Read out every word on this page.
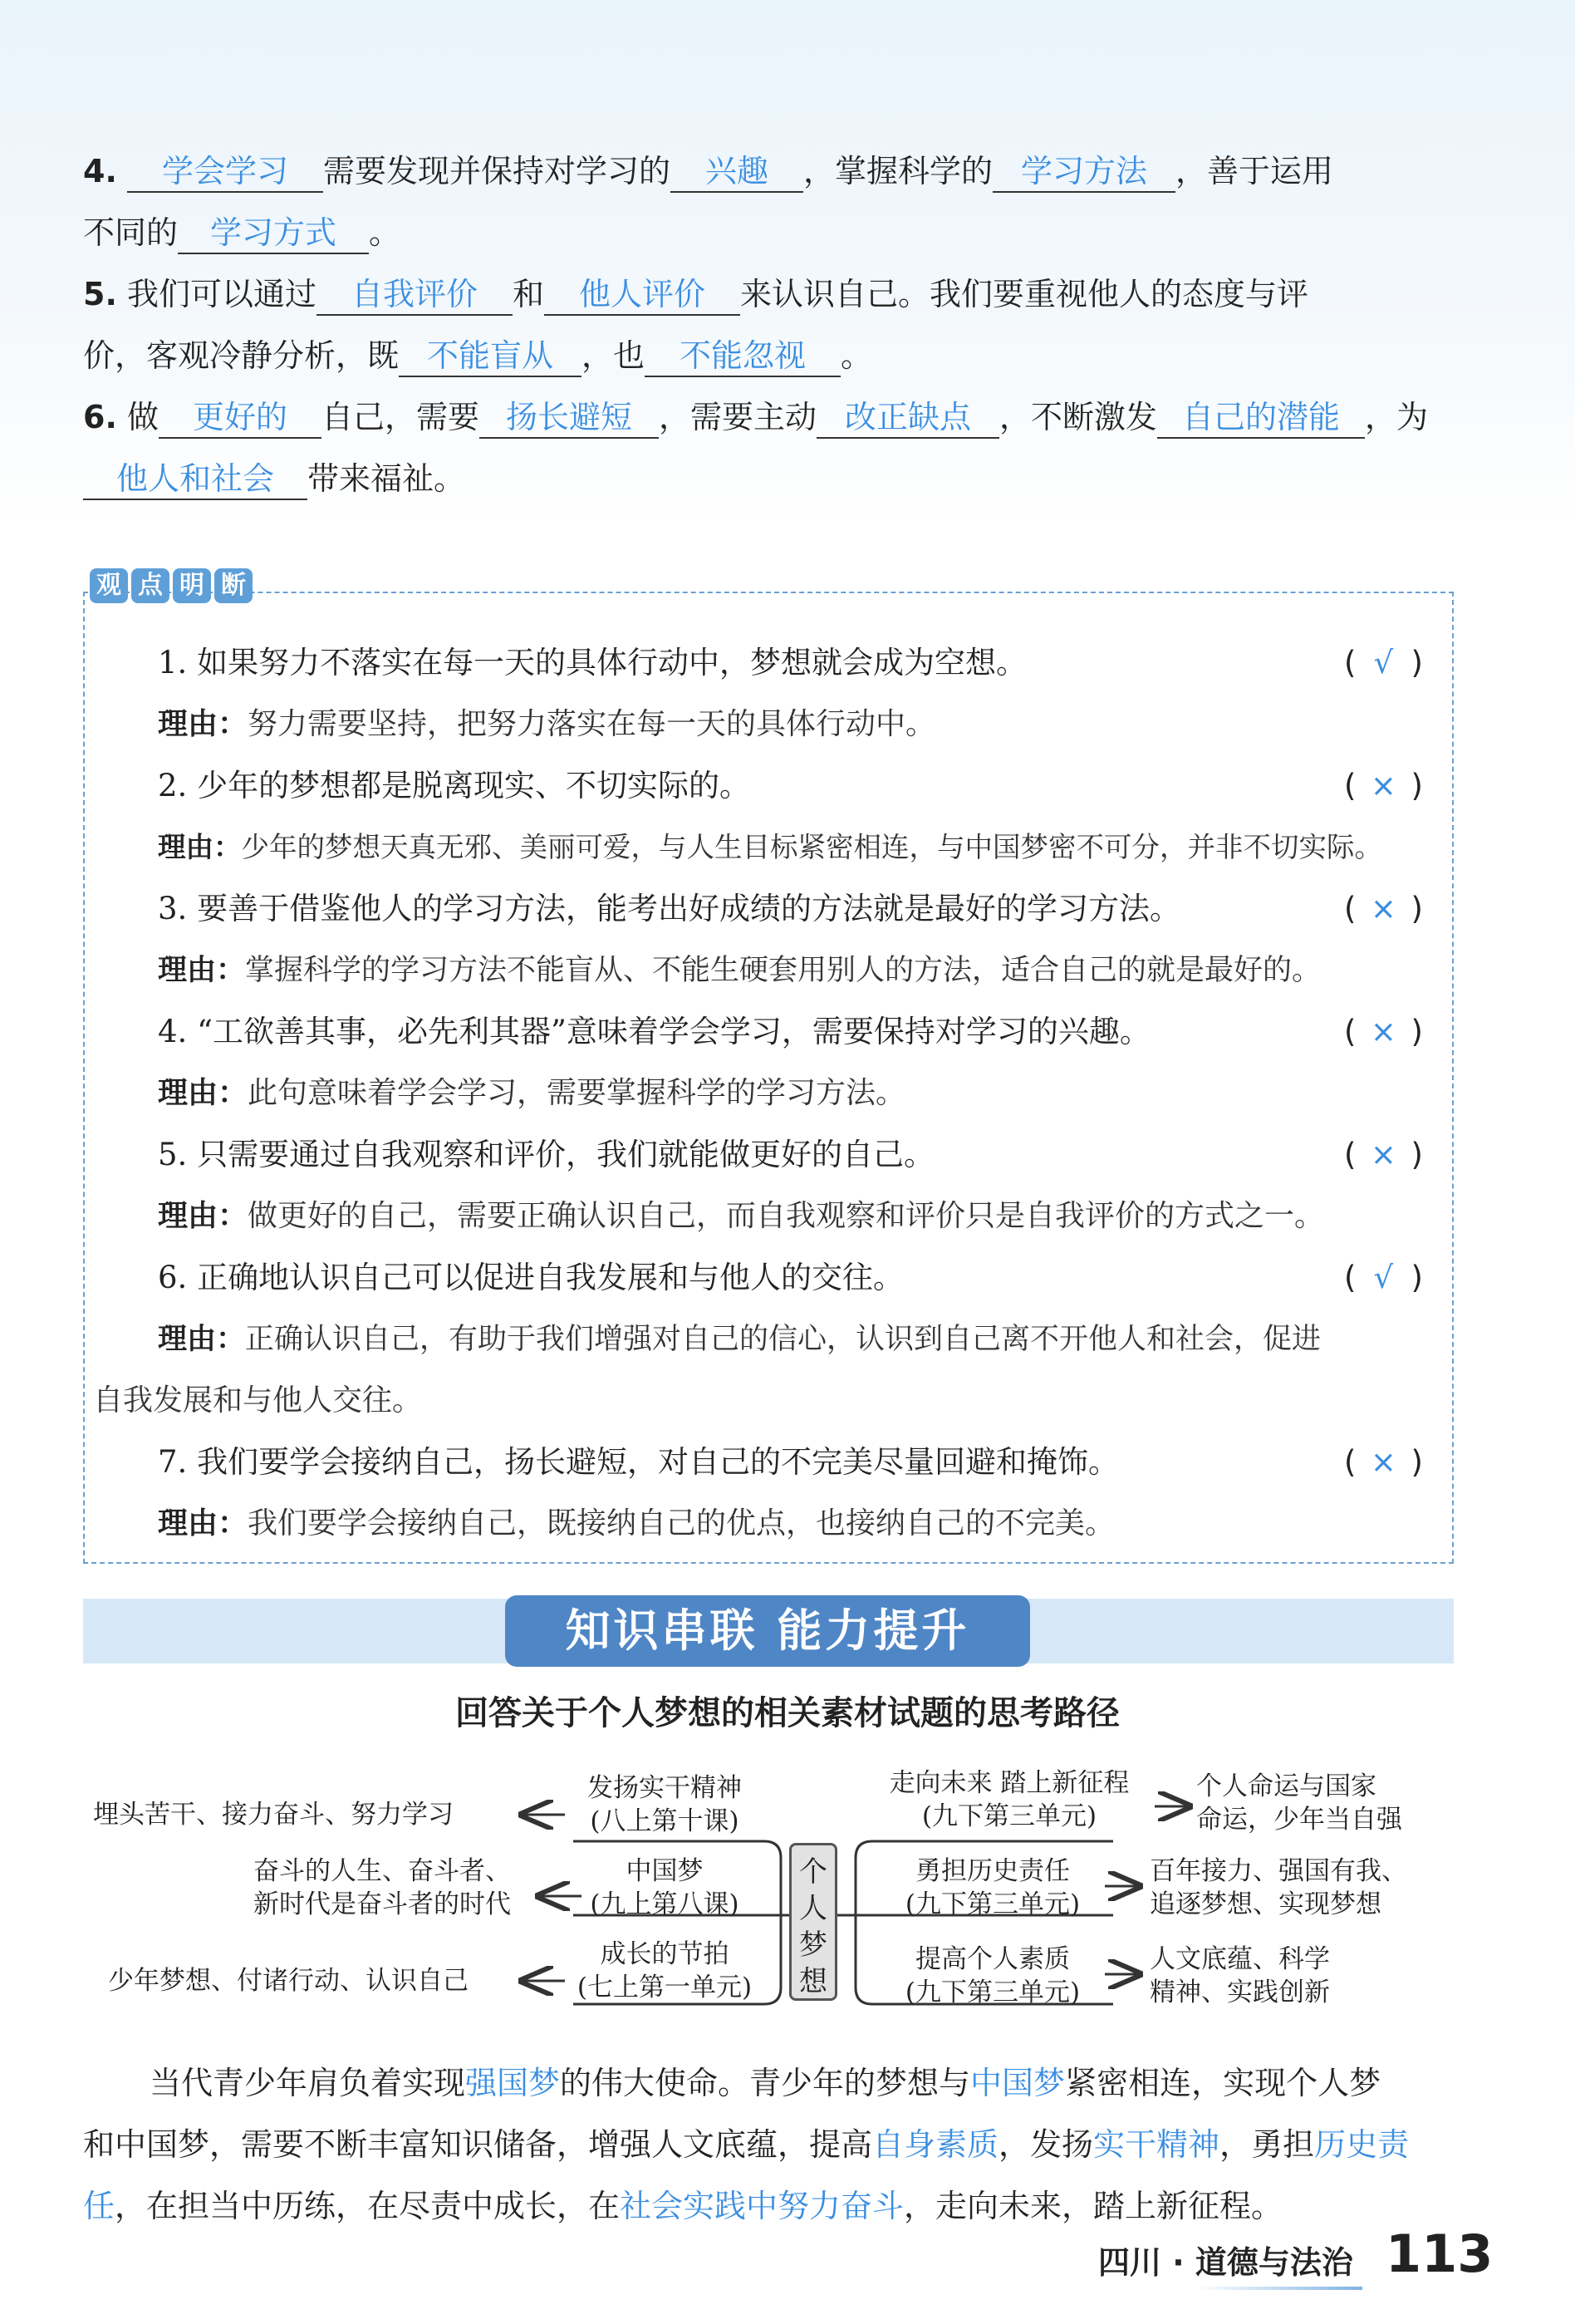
4. 学会学习 需要发现并保持对学习的 兴趣 ，掌握科学的 学习方法 ，善于运用
不同的 学习方式 。
5. 我们可以通过 自我评价 和 他人评价 来认识自己。我们要重视他人的态度与评
价，客观冷静分析，既 不能盲从 ，也 不能忽视 。
6. 做 更好的 自己，需要 扬长避短 ，需要主动 改正缺点 ，不断激发 自己的潜能 ，为
他人和社会 带来福祉。
观 点 明 断
1. 如果努力不落实在每一天的具体行动中，梦想就会成为空想。	( √ )
理由：努力需要坚持，把努力落实在每一天的具体行动中。
2. 少年的梦想都是脱离现实、不切实际的。	( × )
理由：少年的梦想天真无邪、美丽可爱，与人生目标紧密相连，与中国梦密不可分，并非不切实际。
3. 要善于借鉴他人的学习方法，能考出好成绩的方法就是最好的学习方法。	( × )
理由：掌握科学的学习方法不能盲从、不能生硬套用别人的方法，适合自己的就是最好的。
4. “工欲善其事，必先利其器”意味着学会学习，需要保持对学习的兴趣。	( × )
理由：此句意味着学会学习，需要掌握科学的学习方法。
5. 只需要通过自我观察和评价，我们就能做更好的自己。	( × )
理由：做更好的自己，需要正确认识自己，而自我观察和评价只是自我评价的方式之一。
6. 正确地认识自己可以促进自我发展和与他人的交往。	( √ )
理由：正确认识自己，有助于我们增强对自己的信心，认识到自己离不开他人和社会，促进
自我发展和与他人交往。
7. 我们要学会接纳自己，扬长避短，对自己的不完美尽量回避和掩饰。	( × )
理由：我们要学会接纳自己，既接纳自己的优点，也接纳自己的不完美。
知识串联 能力提升
回答关于个人梦想的相关素材试题的思考路径
个
人
梦
想
发扬实干精神
(八上第十课)
埋头苦干、接力奋斗、努力学习
中国梦
(九上第八课)
奋斗的人生、奋斗者、
新时代是奋斗者的时代
成长的节拍
(七上第一单元)
少年梦想、付诸行动、认识自己
走向未来 踏上新征程
(九下第三单元)
个人命运与国家
命运，少年当自强
勇担历史责任
(九下第三单元)
百年接力、强国有我、
追逐梦想、实现梦想
提高个人素质
(九下第三单元)
人文底蕴、科学
精神、实践创新
当代青少年肩负着实现强国梦的伟大使命。青少年的梦想与中国梦紧密相连，实现个人梦
和中国梦，需要不断丰富知识储备，增强人文底蕴，提高自身素质，发扬实干精神，勇担历史责
任，在担当中历练，在尽责中成长，在社会实践中努力奋斗，走向未来，踏上新征程。
四川 · 道德与法治 113
